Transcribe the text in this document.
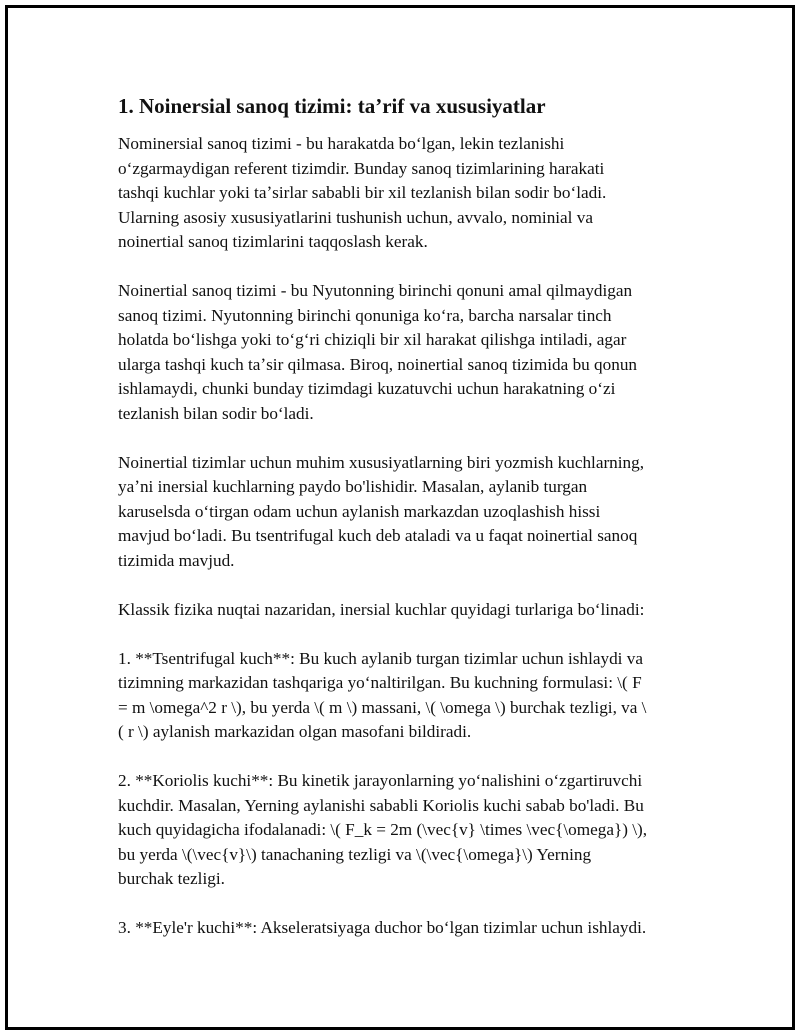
1. Noinersial sanoq tizimi: ta’rif va xususiyatlar

Nominersial sanoq tizimi - bu harakatda boʻlgan, lekin tezlanishi
oʻzgarmaydigan referent tizimdir. Bunday sanoq tizimlarining harakati
tashqi kuchlar yoki taʼsirlar sababli bir xil tezlanish bilan sodir boʻladi.
Ularning asosiy xususiyatlarini tushunish uchun, avvalo, nominial va
noinertial sanoq tizimlarini taqqoslash kerak.

Noinertial sanoq tizimi - bu Nyutonning birinchi qonuni amal qilmaydigan
sanoq tizimi. Nyutonning birinchi qonuniga koʻra, barcha narsalar tinch
holatda boʻlishga yoki toʻgʻri chiziqli bir xil harakat qilishga intiladi, agar
ularga tashqi kuch taʼsir qilmasa. Biroq, noinertial sanoq tizimida bu qonun
ishlamaydi, chunki bunday tizimdagi kuzatuvchi uchun harakatning oʻzi
tezlanish bilan sodir boʻladi.

Noinertial tizimlar uchun muhim xususiyatlarning biri yozmish kuchlarning,
yaʼni inersial kuchlarning paydo bo'lishidir. Masalan, aylanib turgan
karuselsda oʻtirgan odam uchun aylanish markazdan uzoqlashish hissi
mavjud boʻladi. Bu tsentrifugal kuch deb ataladi va u faqat noinertial sanoq
tizimida mavjud.

Klassik fizika nuqtai nazaridan, inersial kuchlar quyidagi turlariga boʻlinadi:

1. **Tsentrifugal kuch**: Bu kuch aylanib turgan tizimlar uchun ishlaydi va
tizimning markazidan tashqariga yoʻnaltirilgan. Bu kuchning formulasi: \( F
= m \omega^2 r \), bu yerda \( m \) massani, \( \omega \) burchak tezligi, va \
( r \) aylanish markazidan olgan masofani bildiradi.

2. **Koriolis kuchi**: Bu kinetik jarayonlarning yoʻnalishini oʻzgartiruvchi
kuchdir. Masalan, Yerning aylanishi sababli Koriolis kuchi sabab bo'ladi. Bu
kuch quyidagicha ifodalanadi: \( F_k = 2m (\vec{v} \times \vec{\omega}) \),
bu yerda \(\vec{v}\) tanachaning tezligi va \(\vec{\omega}\) Yerning
burchak tezligi.

3. **Eyle'r kuchi**: Akseleratsiyaga duchor boʻlgan tizimlar uchun ishlaydi.
